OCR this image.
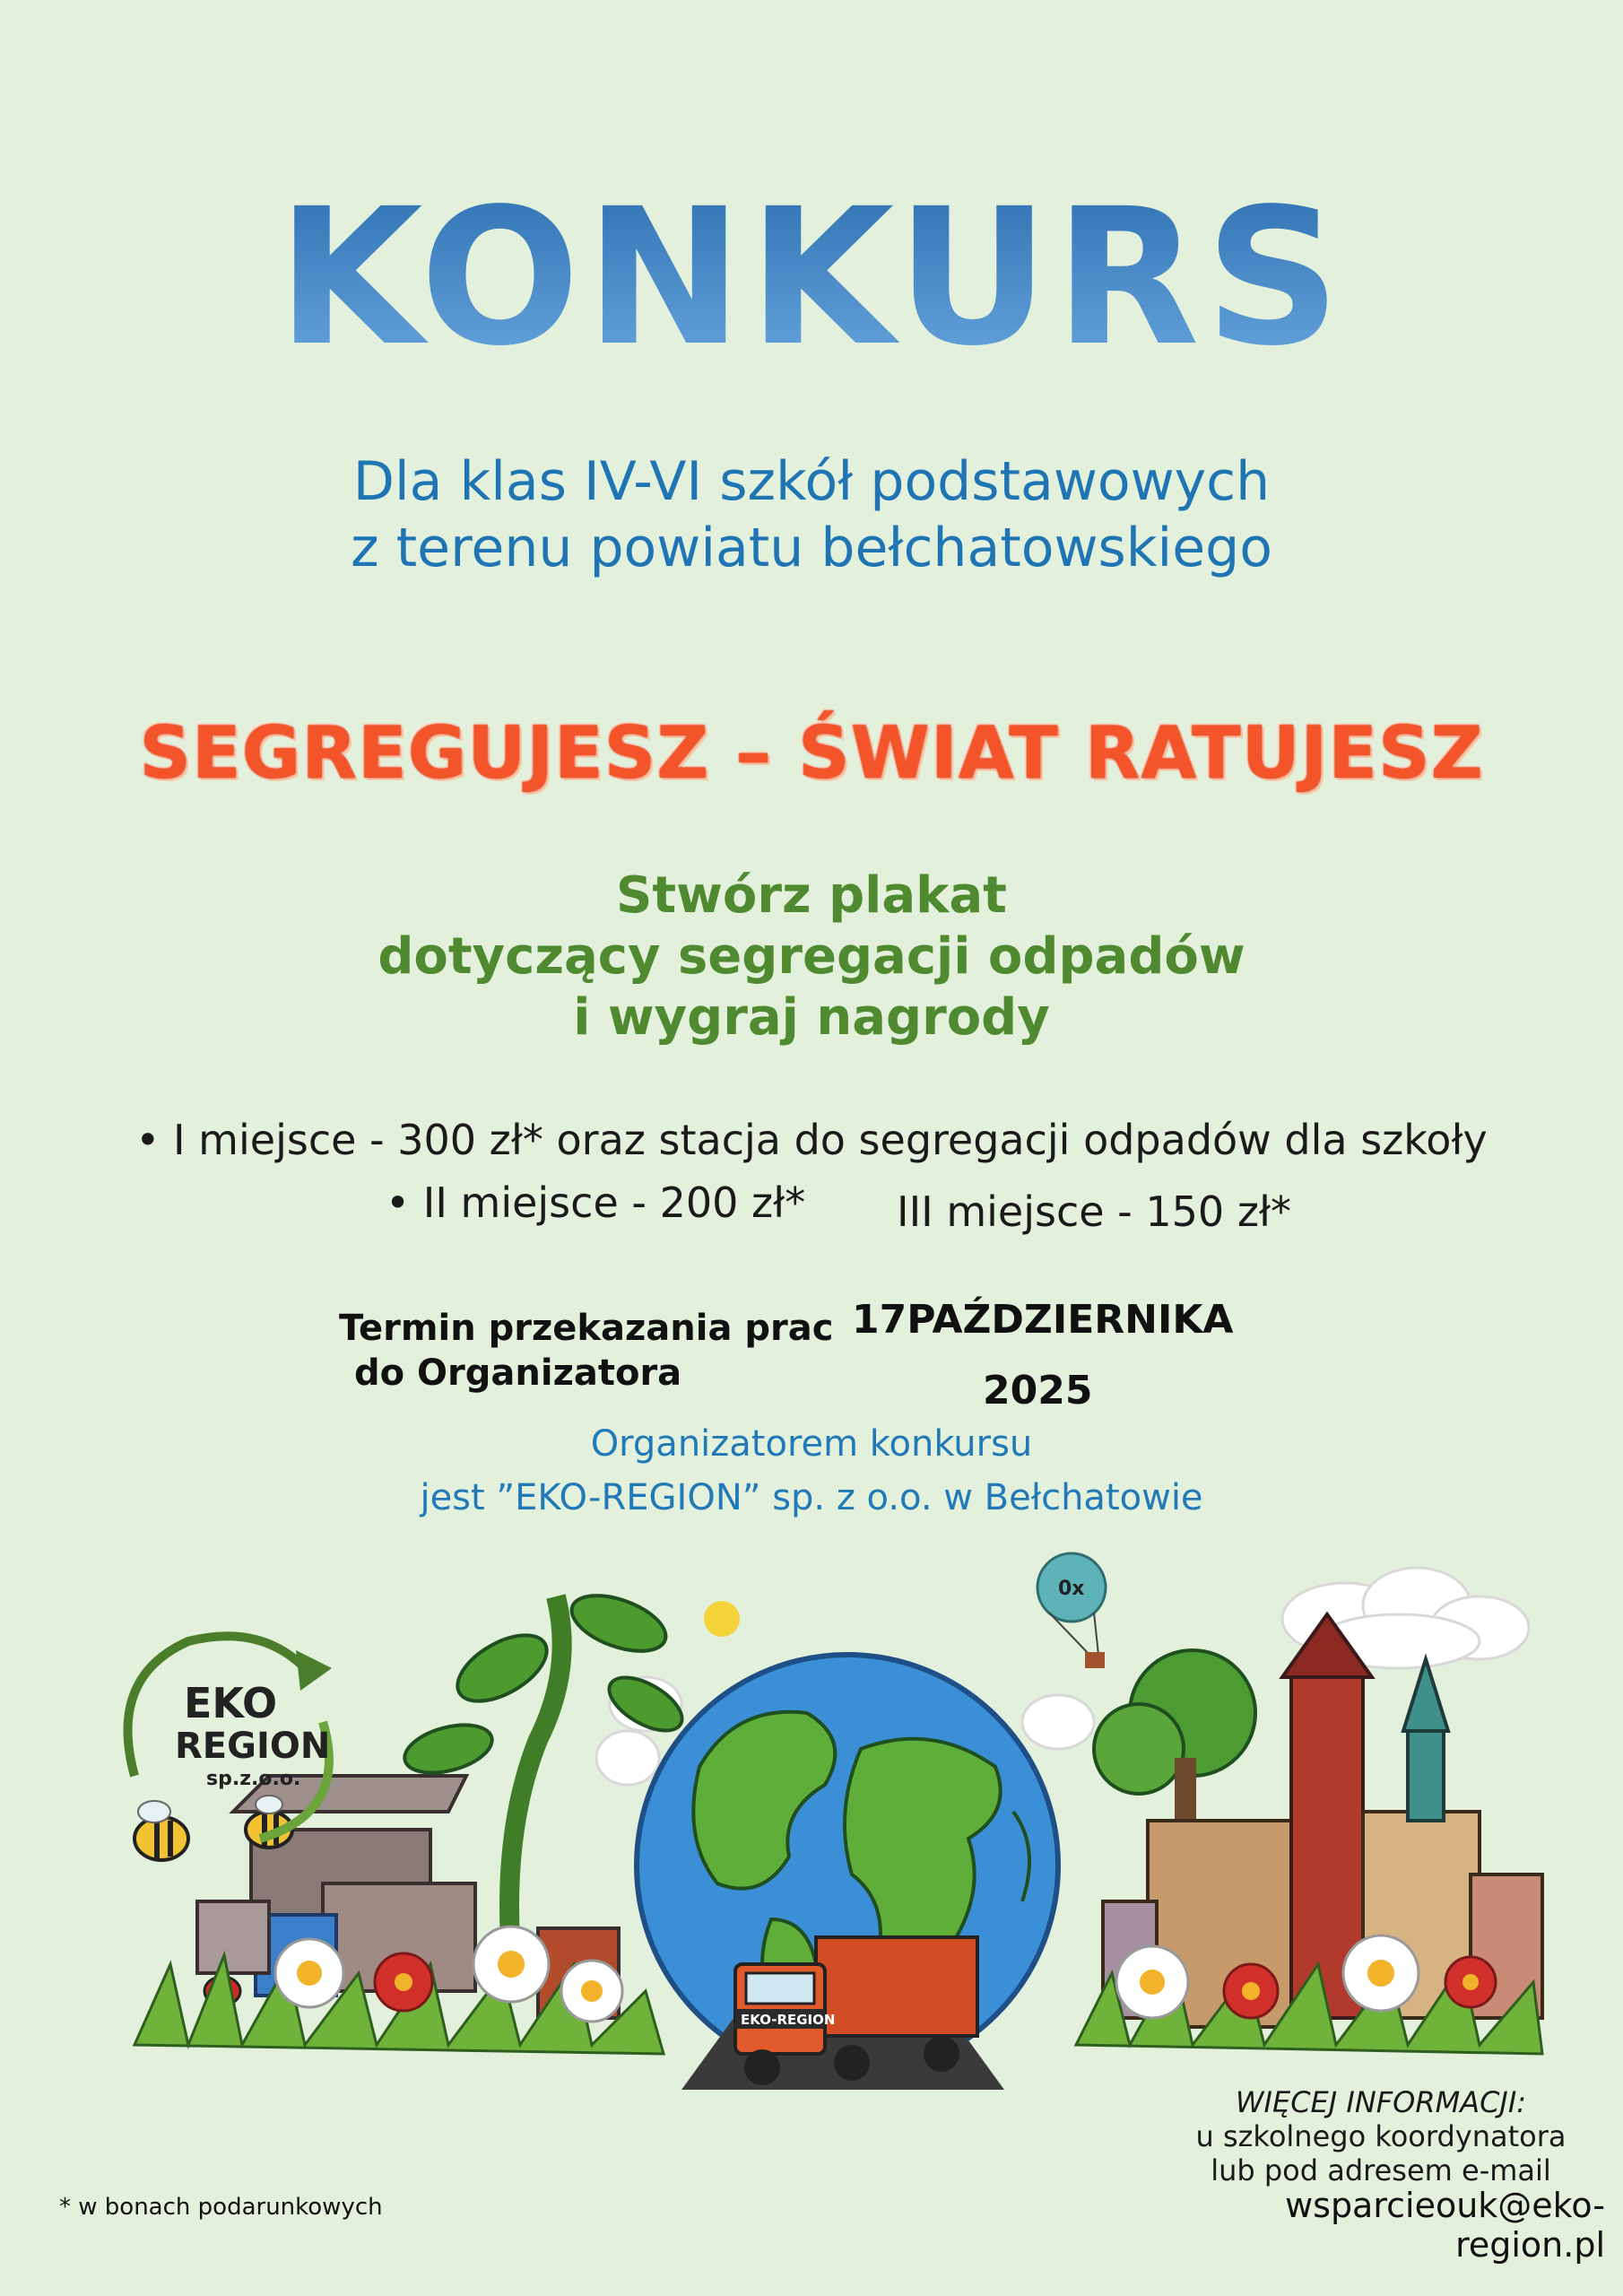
KONKURS
Dla klas IV-VI szkół podstawowych
z terenu powiatu bełchatowskiego
SEGREGUJESZ – ŚWIAT RATUJESZ
Stwórz plakat
dotyczący segregacji odpadów
i wygraj nagrody
• I miejsce - 300 zł* oraz stacja do segregacji odpadów dla szkoły
• II miejsce - 200 zł* III miejsce - 150 zł*
Termin przekazania prac
do Organizatora
17PAŹDZIERNIKA
2025
Organizatorem konkursu
jest ”EKO-REGION” sp. z o.o. w Bełchatowie
0x
EKO-REGION
EKO
REGION
sp.z.o.o.
* w bonach podarunkowych
WIĘCEJ INFORMACJI:
u szkolnego koordynatora
lub pod adresem e-mail
wsparcieouk@eko-region.pl
